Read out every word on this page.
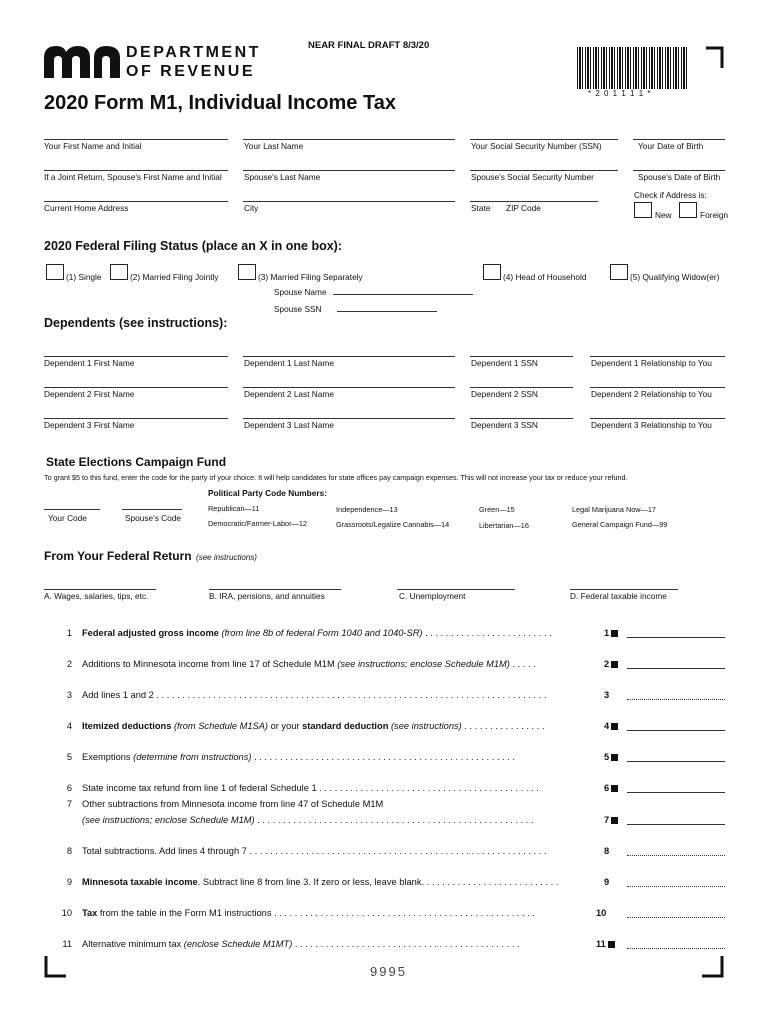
DEPARTMENT
OF REVENUE
NEAR FINAL DRAFT 8/3/20
* 2 0 1 1 1 1 *
2020 Form M1, Individual Income Tax
Your First Name and Initial	Your Last Name	Your Social Security Number (SSN)	Your Date of Birth
If a Joint Return, Spouse's First Name and Initial	Spouse's Last Name	Spouse's Social Security Number	Spouse's Date of Birth
Check if Address is:
Current Home Address	City	State ZIP Code
New	Foreign
2020 Federal Filing Status (place an X in one box):
(1) Single	(2) Married Filing Jointly	(3) Married Filing Separately	(4) Head of Household	(5) Qualifying Widow(er)
Spouse Name
Spouse SSN
Dependents (see instructions):
Dependent 1 First Name	Dependent 1 Last Name	Dependent 1 SSN	Dependent 1 Relationship to You
Dependent 2 First Name	Dependent 2 Last Name	Dependent 2 SSN	Dependent 2 Relationship to You
Dependent 3 First Name	Dependent 3 Last Name	Dependent 3 SSN	Dependent 3 Relationship to You
State Elections Campaign Fund
To grant $5 to this fund, enter the code for the party of your choice. It will help candidates for state offices pay campaign expenses. This will not increase your tax or reduce your refund.
Political Party Code Numbers:
Your Code	Spouse's Code
Republican—11	Independence—13	Green—15	Legal Marijuana Now—17
Democratic/Farmer-Labor—12	Grassroots/Legalize Cannabis—14	Libertarian—16	General Campaign Fund—99
From Your Federal Return (see instructions)
A. Wages, salaries, tips, etc.	B. IRA, pensions, and annuities	C. Unemployment	D. Federal taxable income
1 Federal adjusted gross income (from line 8b of federal Form 1040 and 1040-SR) . . . . . . . . . . . . . . . . . . . . . . . . .	1
2 Additions to Minnesota income from line 17 of Schedule M1M (see instructions; enclose Schedule M1M) . . . . .	2
3 Add lines 1 and 2 . . . . . . . . . . . . . . . . . . . . . . . . . . . . . . . . . . . . . . . . . . . . . . . . . . . . . . . . . . . . . . . . . . . . . . . . . . . .	3
4 Itemized deductions (from Schedule M1SA) or your standard deduction (see instructions) . . . . . . . . . . . . . . . .	4
5 Exemptions (determine from instructions) . . . . . . . . . . . . . . . . . . . . . . . . . . . . . . . . . . . . . . . . . . . . . . . . . . .	5
6 State income tax refund from line 1 of federal Schedule 1 . . . . . . . . . . . . . . . . . . . . . . . . . . . . . . . . . . . . . . . . . . .	6
7 Other subtractions from Minnesota income from line 47 of Schedule M1M
(see instructions; enclose Schedule M1M) . . . . . . . . . . . . . . . . . . . . . . . . . . . . . . . . . . . . . . . . . . . . . . . . . . . . . .	7
8 Total subtractions. Add lines 4 through 7 . . . . . . . . . . . . . . . . . . . . . . . . . . . . . . . . . . . . . . . . . . . . . . . . . . . . . . . . . .	8
9 Minnesota taxable income. Subtract line 8 from line 3. If zero or less, leave blank. . . . . . . . . . . . . . . . . . . . . . . . . . .	9
10 Tax from the table in the Form M1 instructions . . . . . . . . . . . . . . . . . . . . . . . . . . . . . . . . . . . . . . . . . . . . . . . . . . .	10
11 Alternative minimum tax (enclose Schedule M1MT) . . . . . . . . . . . . . . . . . . . . . . . . . . . . . . . . . . . . . . . . . . . .	11
9995
